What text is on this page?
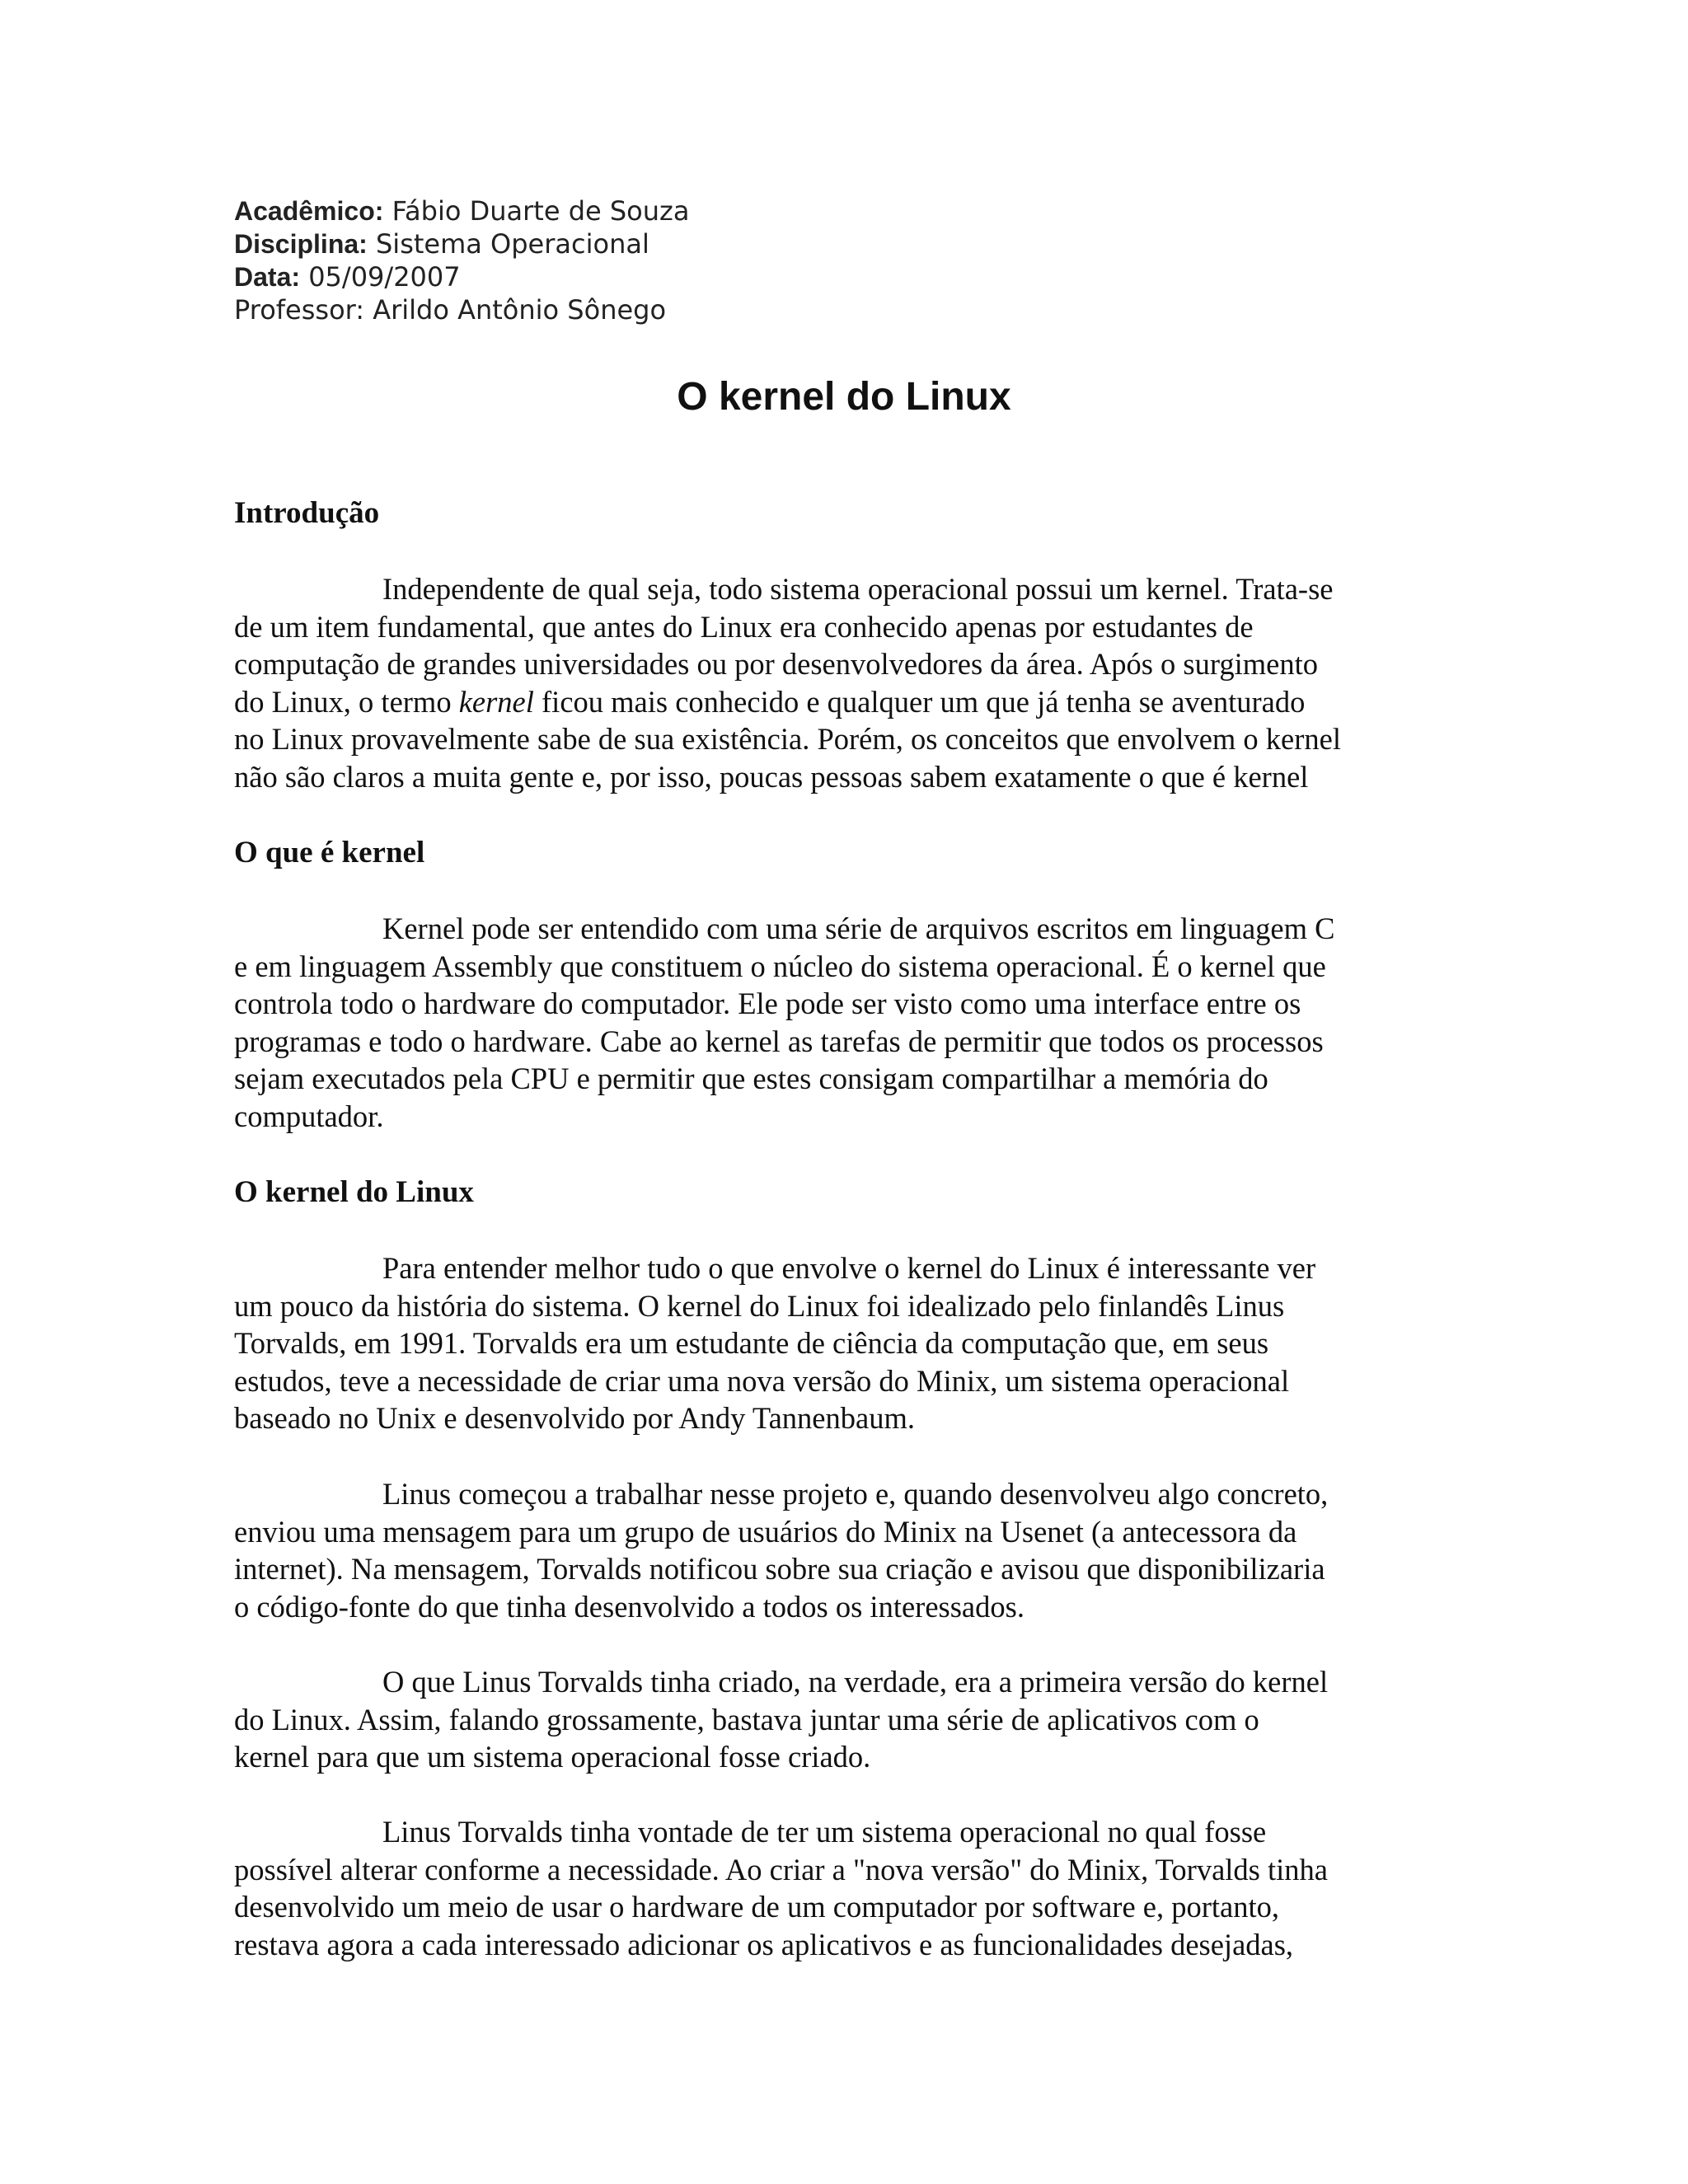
Acadêmico: Fábio Duarte de Souza
Disciplina: Sistema Operacional
Data: 05/09/2007
Professor: Arildo Antônio Sônego
O kernel do Linux

Introdução

Independente de qual seja, todo sistema operacional possui um kernel. Trata-se
de um item fundamental, que antes do Linux era conhecido apenas por estudantes de
computação de grandes universidades ou por desenvolvedores da área. Após o surgimento
do Linux, o termo kernel ficou mais conhecido e qualquer um que já tenha se aventurado
no Linux provavelmente sabe de sua existência. Porém, os conceitos que envolvem o kernel
não são claros a muita gente e, por isso, poucas pessoas sabem exatamente o que é kernel

O que é kernel

Kernel pode ser entendido com uma série de arquivos escritos em linguagem C
e em linguagem Assembly que constituem o núcleo do sistema operacional. É o kernel que
controla todo o hardware do computador. Ele pode ser visto como uma interface entre os
programas e todo o hardware. Cabe ao kernel as tarefas de permitir que todos os processos
sejam executados pela CPU e permitir que estes consigam compartilhar a memória do
computador.

O kernel do Linux

Para entender melhor tudo o que envolve o kernel do Linux é interessante ver
um pouco da história do sistema. O kernel do Linux foi idealizado pelo finlandês Linus
Torvalds, em 1991. Torvalds era um estudante de ciência da computação que, em seus
estudos, teve a necessidade de criar uma nova versão do Minix, um sistema operacional
baseado no Unix e desenvolvido por Andy Tannenbaum.

Linus começou a trabalhar nesse projeto e, quando desenvolveu algo concreto,
enviou uma mensagem para um grupo de usuários do Minix na Usenet (a antecessora da
internet). Na mensagem, Torvalds notificou sobre sua criação e avisou que disponibilizaria
o código-fonte do que tinha desenvolvido a todos os interessados.

O que Linus Torvalds tinha criado, na verdade, era a primeira versão do kernel
do Linux. Assim, falando grossamente, bastava juntar uma série de aplicativos com o
kernel para que um sistema operacional fosse criado.

Linus Torvalds tinha vontade de ter um sistema operacional no qual fosse
possível alterar conforme a necessidade. Ao criar a "nova versão" do Minix, Torvalds tinha
desenvolvido um meio de usar o hardware de um computador por software e, portanto,
restava agora a cada interessado adicionar os aplicativos e as funcionalidades desejadas,
